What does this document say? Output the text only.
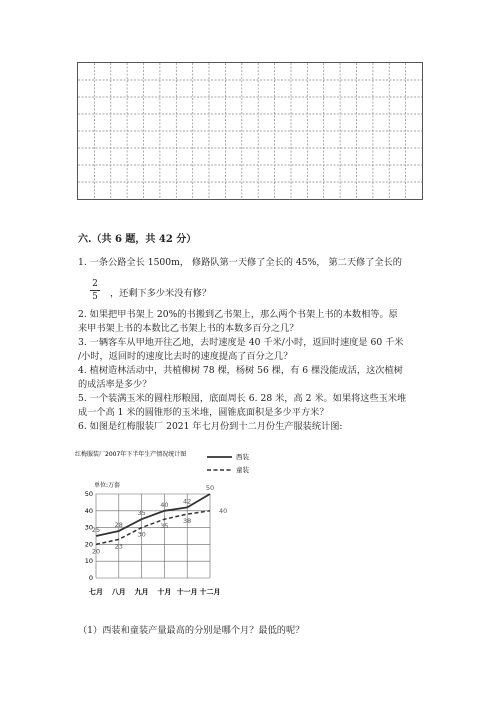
六.（共 6 题，共 42 分）
1. 一条公路全长 1500m， 修路队第一天修了全长的 45%， 第二天修了全长的
2
5 ，还剩下多少米没有修？
2. 如果把甲书架上 20%的书搬到乙书架上，那么两个书架上书的本数相等。原
来甲书架上书的本数比乙书架上书的本数多百分之几？
3. 一辆客车从甲地开往乙地，去时速度是 40 千米/小时，返回时速度是 60 千米
/小时，返回时的速度比去时的速度提高了百分之几？
4. 植树造林活动中，共植柳树 78 棵，杨树 56 棵，有 6 棵没能成活，这次植树
的成活率是多少？
5. 一个装满玉米的圆柱形粮囤，底面周长 6. 28 米，高 2 米。如果将这些玉米堆
成一个高 1 米的圆锥形的玉米堆，圆锥底面积是多少平方米？
6. 如图是红梅服装厂 2021 年七月份到十二月份生产服装统计图:
红梅服装厂2007年下半年生产情况统计图
单位:万套
0
10
20
30
40
50
七月 八月 九月 十月 十一月 十二月
25
28
35
40 42
50
20
23
30
35
38
40
西装
童装
（1）西装和童装产量最高的分别是哪个月？最低的呢？
